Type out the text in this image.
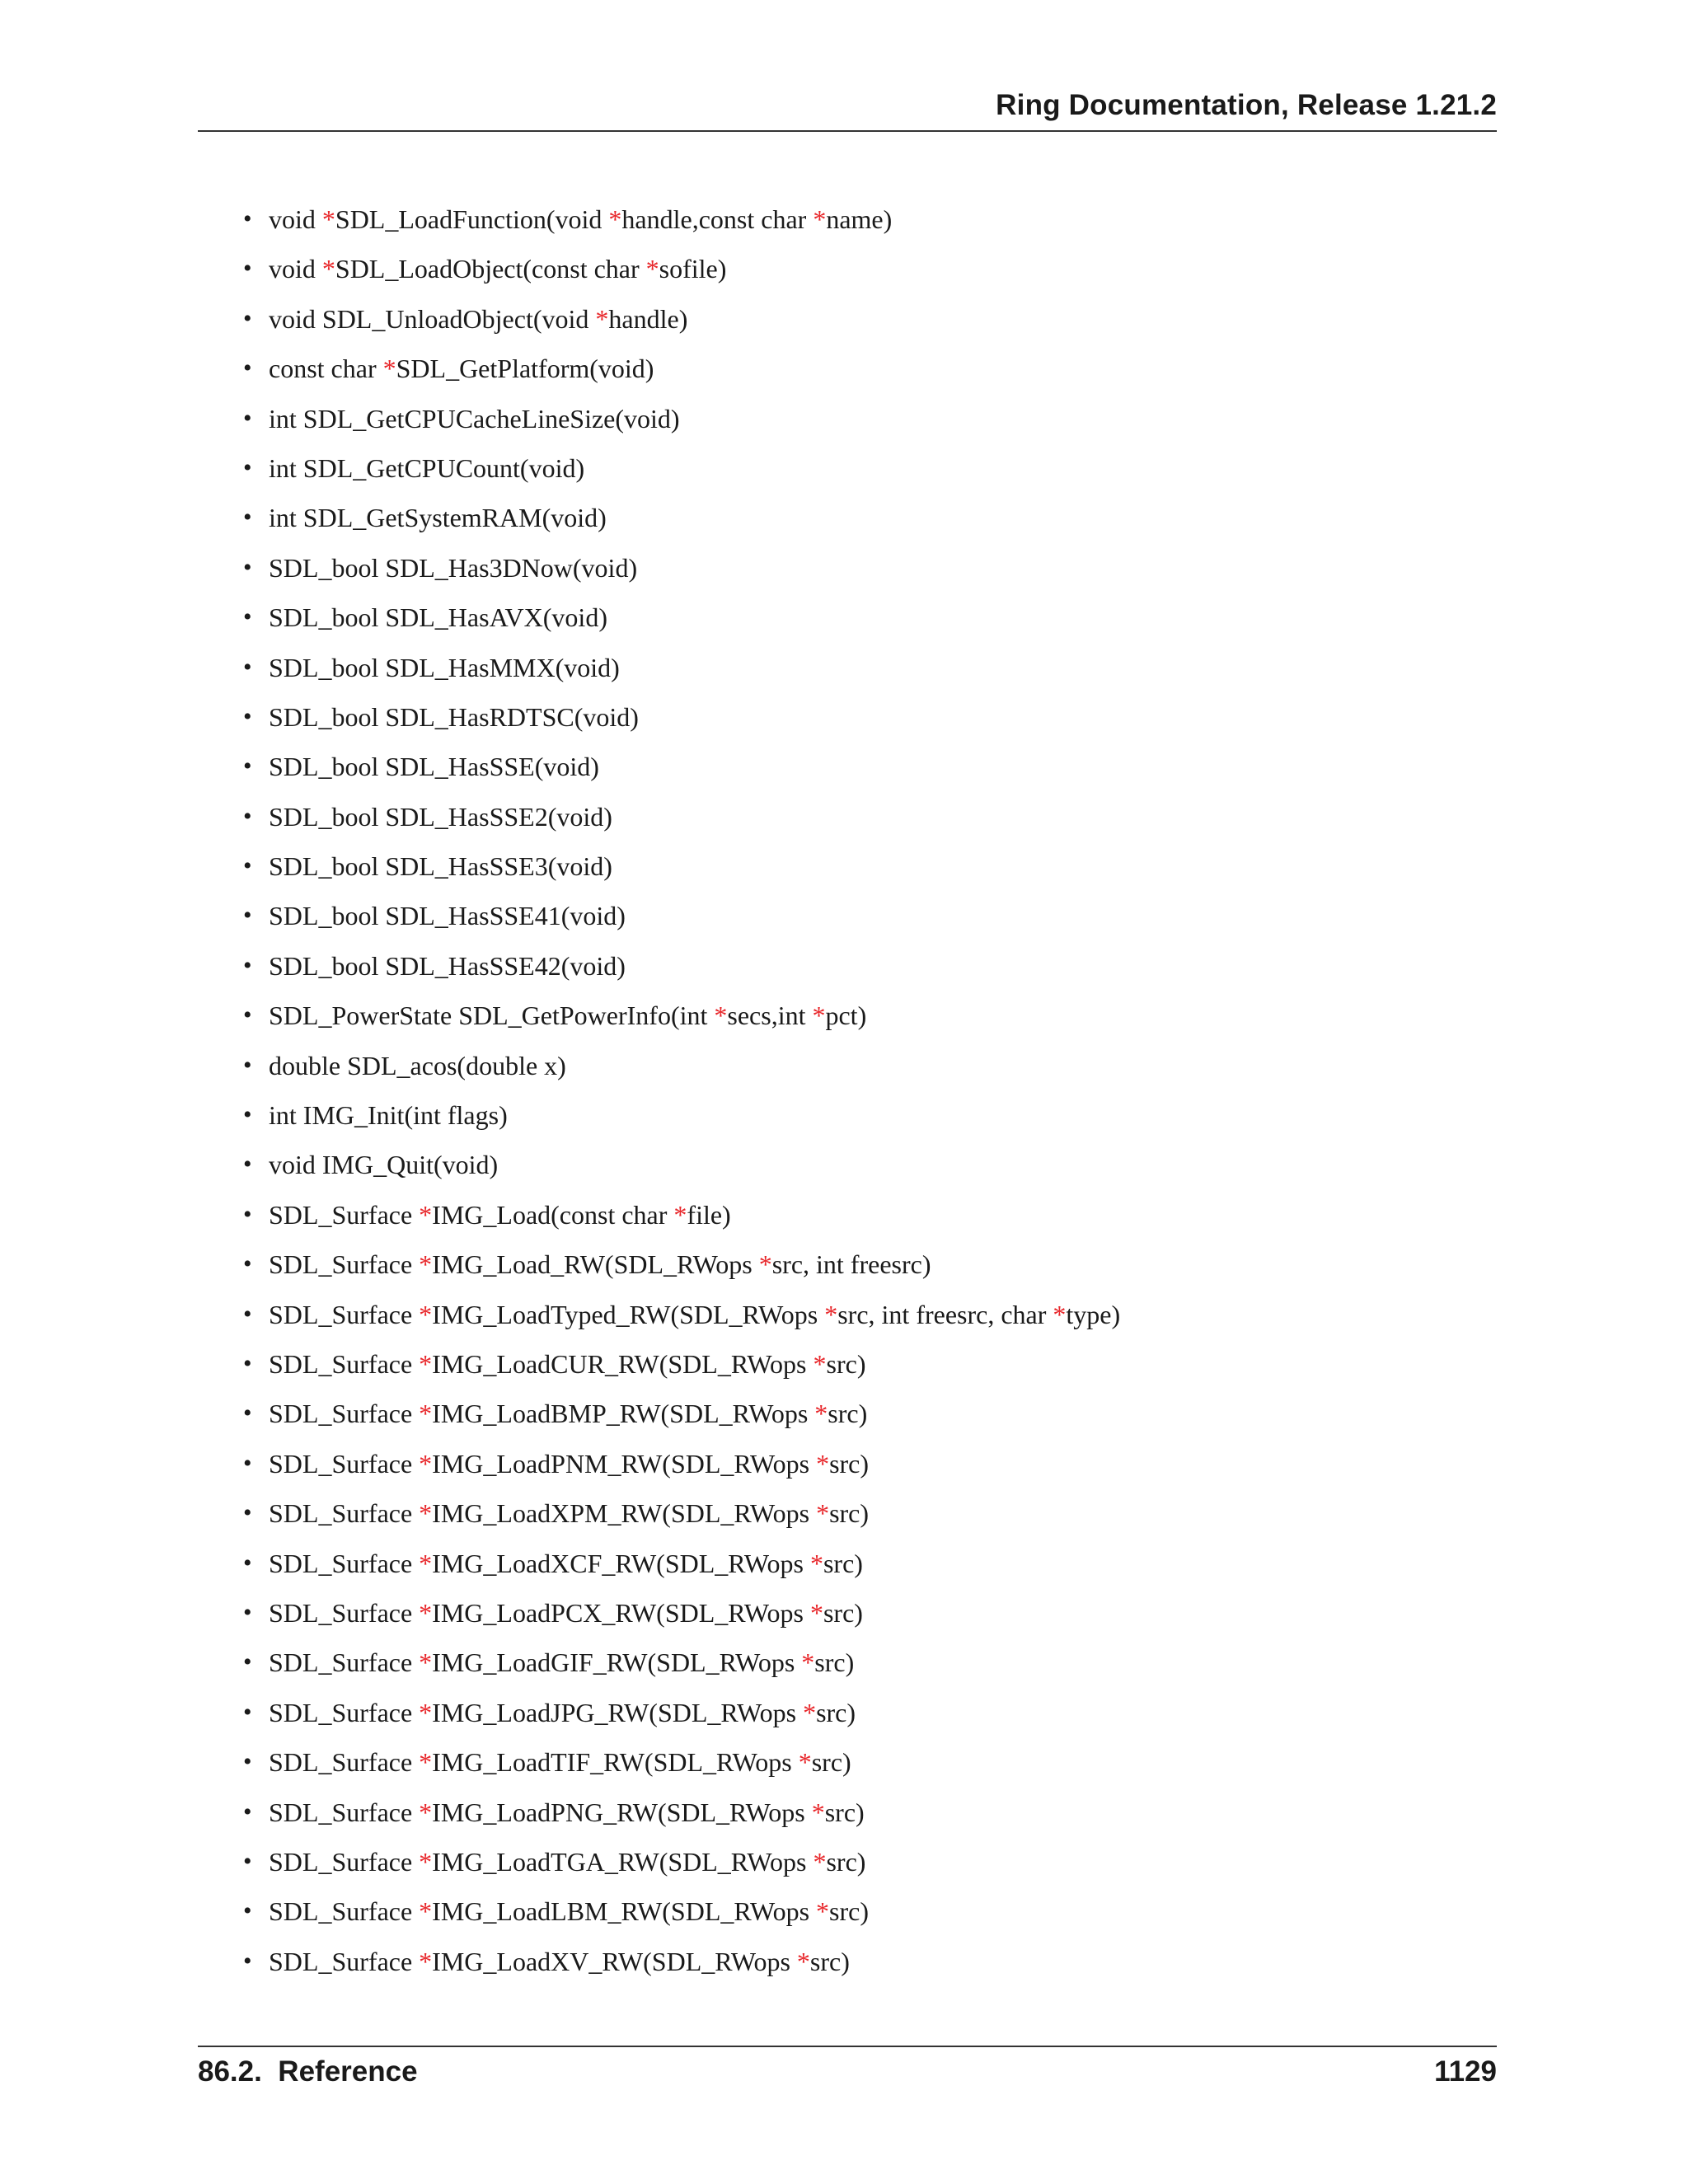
Ring Documentation, Release 1.21.2
• void *SDL_LoadFunction(void *handle,const char *name)
• void *SDL_LoadObject(const char *sofile)
• void SDL_UnloadObject(void *handle)
• const char *SDL_GetPlatform(void)
• int SDL_GetCPUCacheLineSize(void)
• int SDL_GetCPUCount(void)
• int SDL_GetSystemRAM(void)
• SDL_bool SDL_Has3DNow(void)
• SDL_bool SDL_HasAVX(void)
• SDL_bool SDL_HasMMX(void)
• SDL_bool SDL_HasRDTSC(void)
• SDL_bool SDL_HasSSE(void)
• SDL_bool SDL_HasSSE2(void)
• SDL_bool SDL_HasSSE3(void)
• SDL_bool SDL_HasSSE41(void)
• SDL_bool SDL_HasSSE42(void)
• SDL_PowerState SDL_GetPowerInfo(int *secs,int *pct)
• double SDL_acos(double x)
• int IMG_Init(int flags)
• void IMG_Quit(void)
• SDL_Surface *IMG_Load(const char *file)
• SDL_Surface *IMG_Load_RW(SDL_RWops *src, int freesrc)
• SDL_Surface *IMG_LoadTyped_RW(SDL_RWops *src, int freesrc, char *type)
• SDL_Surface *IMG_LoadCUR_RW(SDL_RWops *src)
• SDL_Surface *IMG_LoadBMP_RW(SDL_RWops *src)
• SDL_Surface *IMG_LoadPNM_RW(SDL_RWops *src)
• SDL_Surface *IMG_LoadXPM_RW(SDL_RWops *src)
• SDL_Surface *IMG_LoadXCF_RW(SDL_RWops *src)
• SDL_Surface *IMG_LoadPCX_RW(SDL_RWops *src)
• SDL_Surface *IMG_LoadGIF_RW(SDL_RWops *src)
• SDL_Surface *IMG_LoadJPG_RW(SDL_RWops *src)
• SDL_Surface *IMG_LoadTIF_RW(SDL_RWops *src)
• SDL_Surface *IMG_LoadPNG_RW(SDL_RWops *src)
• SDL_Surface *IMG_LoadTGA_RW(SDL_RWops *src)
• SDL_Surface *IMG_LoadLBM_RW(SDL_RWops *src)
• SDL_Surface *IMG_LoadXV_RW(SDL_RWops *src)
86.2.  Reference	1129
